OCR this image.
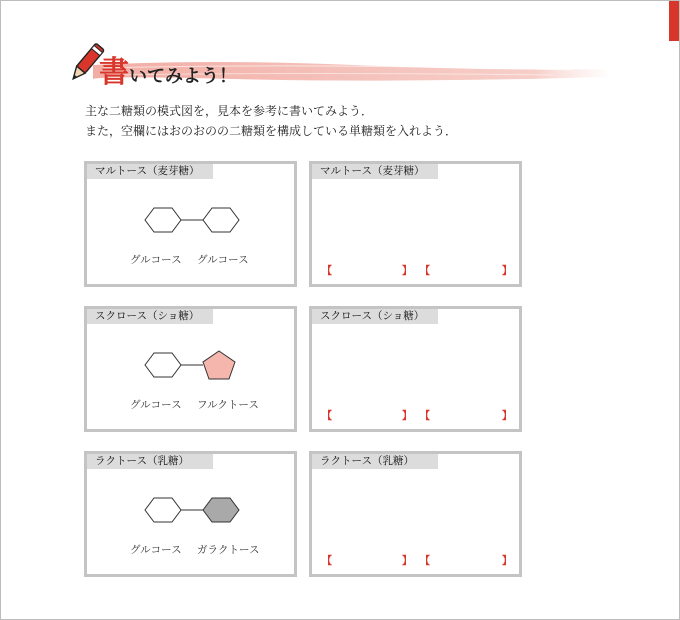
書いてみよう！

主な二糖類の模式図を，見本を参考に書いてみよう．

また，空欄にはおのおのの二糖類を構成している単糖類を入れよう．

マルトース（麦芽糖）
グルコース グルコース
マルトース（麦芽糖）
【	】 【	】
スクロース（ショ糖）
グルコース フルクトース
スクロース（ショ糖）
【	】 【	】
ラクトース（乳糖）
グルコース ガラクトース
ラクトース（乳糖）
【	】 【	】
